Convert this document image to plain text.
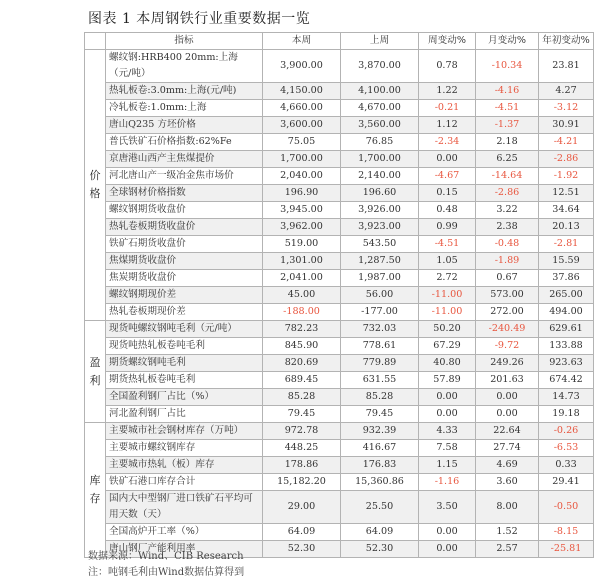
图表 1 本周钢铁行业重要数据一览
	指标	本周	上周	周变动%	月变动%	年初变动%

价
格	螺纹钢:HRB400 20mm:上海（元/吨）	3,900.00	3,870.00	0.78	-10.34	23.81
	热轧板卷:3.0mm:上海(元/吨)	4,150.00	4,100.00	1.22	-4.16	4.27
	冷轧板卷:1.0mm:上海	4,660.00	4,670.00	-0.21	-4.51	-3.12
	唐山Q235 方坯价格	3,600.00	3,560.00	1.12	-1.37	30.91
	普氏铁矿石价格指数:62%Fe	75.05	76.85	-2.34	2.18	-4.21
	京唐港山西产主焦煤提价	1,700.00	1,700.00	0.00	6.25	-2.86
	河北唐山产一级冶金焦市场价	2,040.00	2,140.00	-4.67	-14.64	-1.92
	全球钢材价格指数	196.90	196.60	0.15	-2.86	12.51
	螺纹钢期货收盘价	3,945.00	3,926.00	0.48	3.22	34.64
	热轧卷板期货收盘价	3,962.00	3,923.00	0.99	2.38	20.13
	铁矿石期货收盘价	519.00	543.50	-4.51	-0.48	-2.81
	焦煤期货收盘价	1,301.00	1,287.50	1.05	-1.89	15.59
	焦炭期货收盘价	2,041.00	1,987.00	2.72	0.67	37.86
	螺纹钢期现价差	45.00	56.00	-11.00	573.00	265.00
	热轧卷板期现价差	-188.00	-177.00	-11.00	272.00	494.00

盈
利	现货吨螺纹钢吨毛利（元/吨）	782.23	732.03	50.20	-240.49	629.61
	现货吨热轧板卷吨毛利	845.90	778.61	67.29	-9.72	133.88
	期货螺纹钢吨毛利	820.69	779.89	40.80	249.26	923.63
	期货热轧板卷吨毛利	689.45	631.55	57.89	201.63	674.42
	全国盈利钢厂占比（%）	85.28	85.28	0.00	0.00	14.73
	河北盈利钢厂占比	79.45	79.45	0.00	0.00	19.18

库
存	主要城市社会钢材库存（万吨）	972.78	932.39	4.33	22.64	-0.26
	主要城市螺纹钢库存	448.25	416.67	7.58	27.74	-6.53
	主要城市热轧（板）库存	178.86	176.83	1.15	4.69	0.33
	铁矿石港口库存合计	15,182.20	15,360.86	-1.16	3.60	29.41
	国内大中型钢厂进口铁矿石平均可用天数（天）	29.00	25.50	3.50	8.00	-0.50
	全国高炉开工率（%）	64.09	64.09	0.00	1.52	-8.15
	唐山钢厂产能利用率	52.30	52.30	0.00	2.57	-25.81
数据来源：Wind、CIB Research
注：吨钢毛利由Wind数据估算得到
